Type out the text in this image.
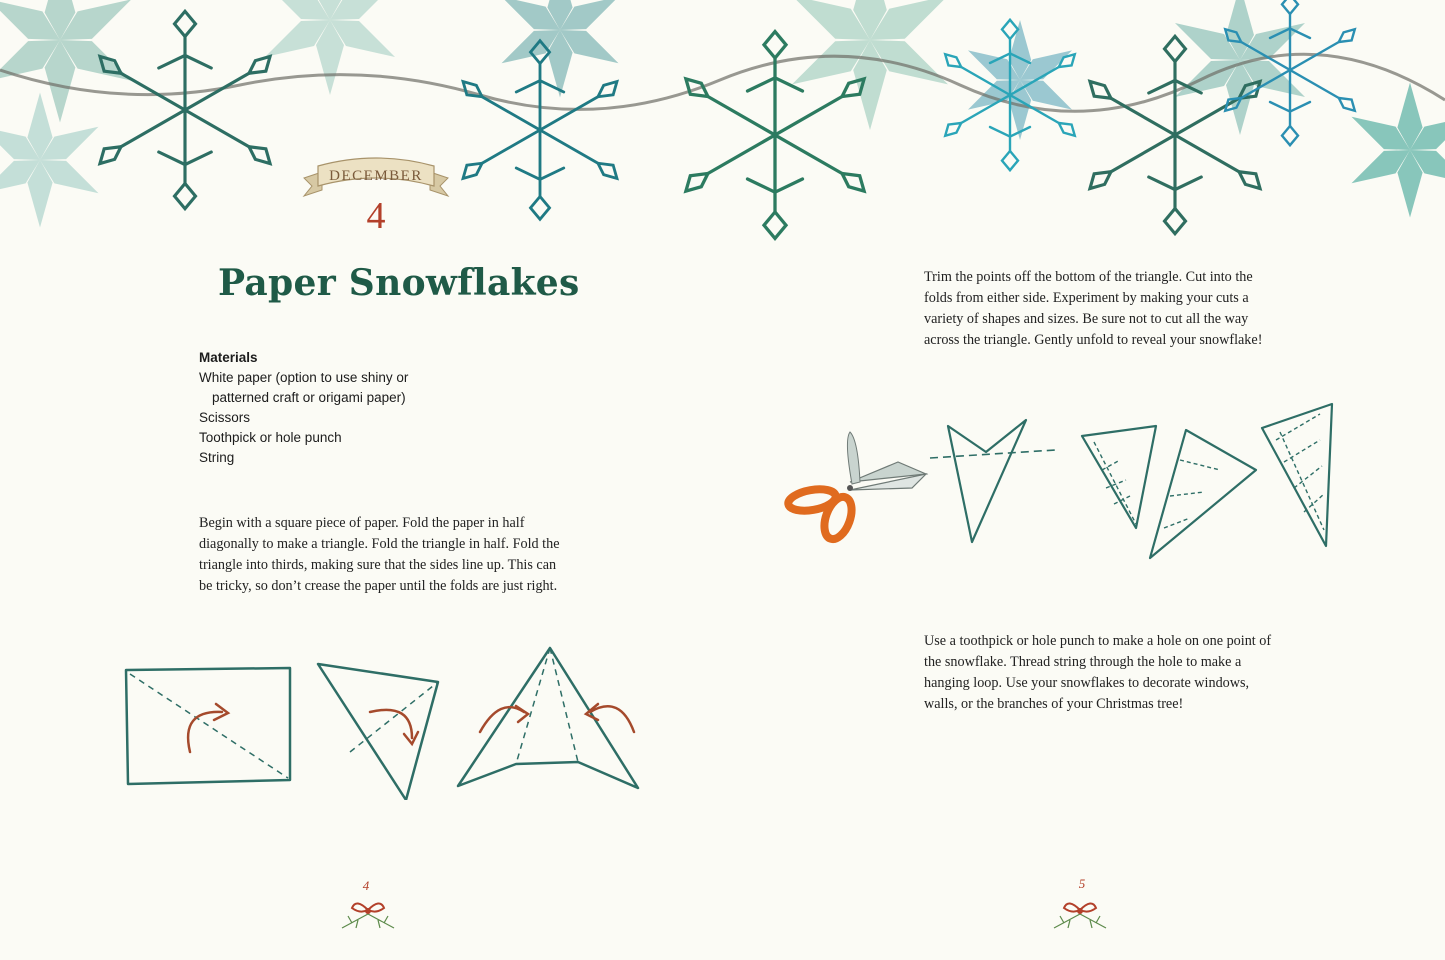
DECEMBER
4
Paper Snowflakes
Materials
White paper (option to use shiny or
patterned craft or origami paper)
Scissors
Toothpick or hole punch
String

Begin with a square piece of paper. Fold the paper in half diagonally to make a triangle. Fold the triangle in half. Fold the triangle into thirds, making sure that the sides line up. This can be tricky, so don’t crease the paper until the folds are just right.

4

Trim the points off the bottom of the triangle. Cut into the folds from either side. Experiment by making your cuts a variety of shapes and sizes. Be sure not to cut all the way across the triangle. Gently unfold to reveal your snowflake!

Use a toothpick or hole punch to make a hole on one point of the snowflake. Thread string through the hole to make a hanging loop. Use your snowflakes to decorate windows, walls, or the branches of your Christmas tree!

5
